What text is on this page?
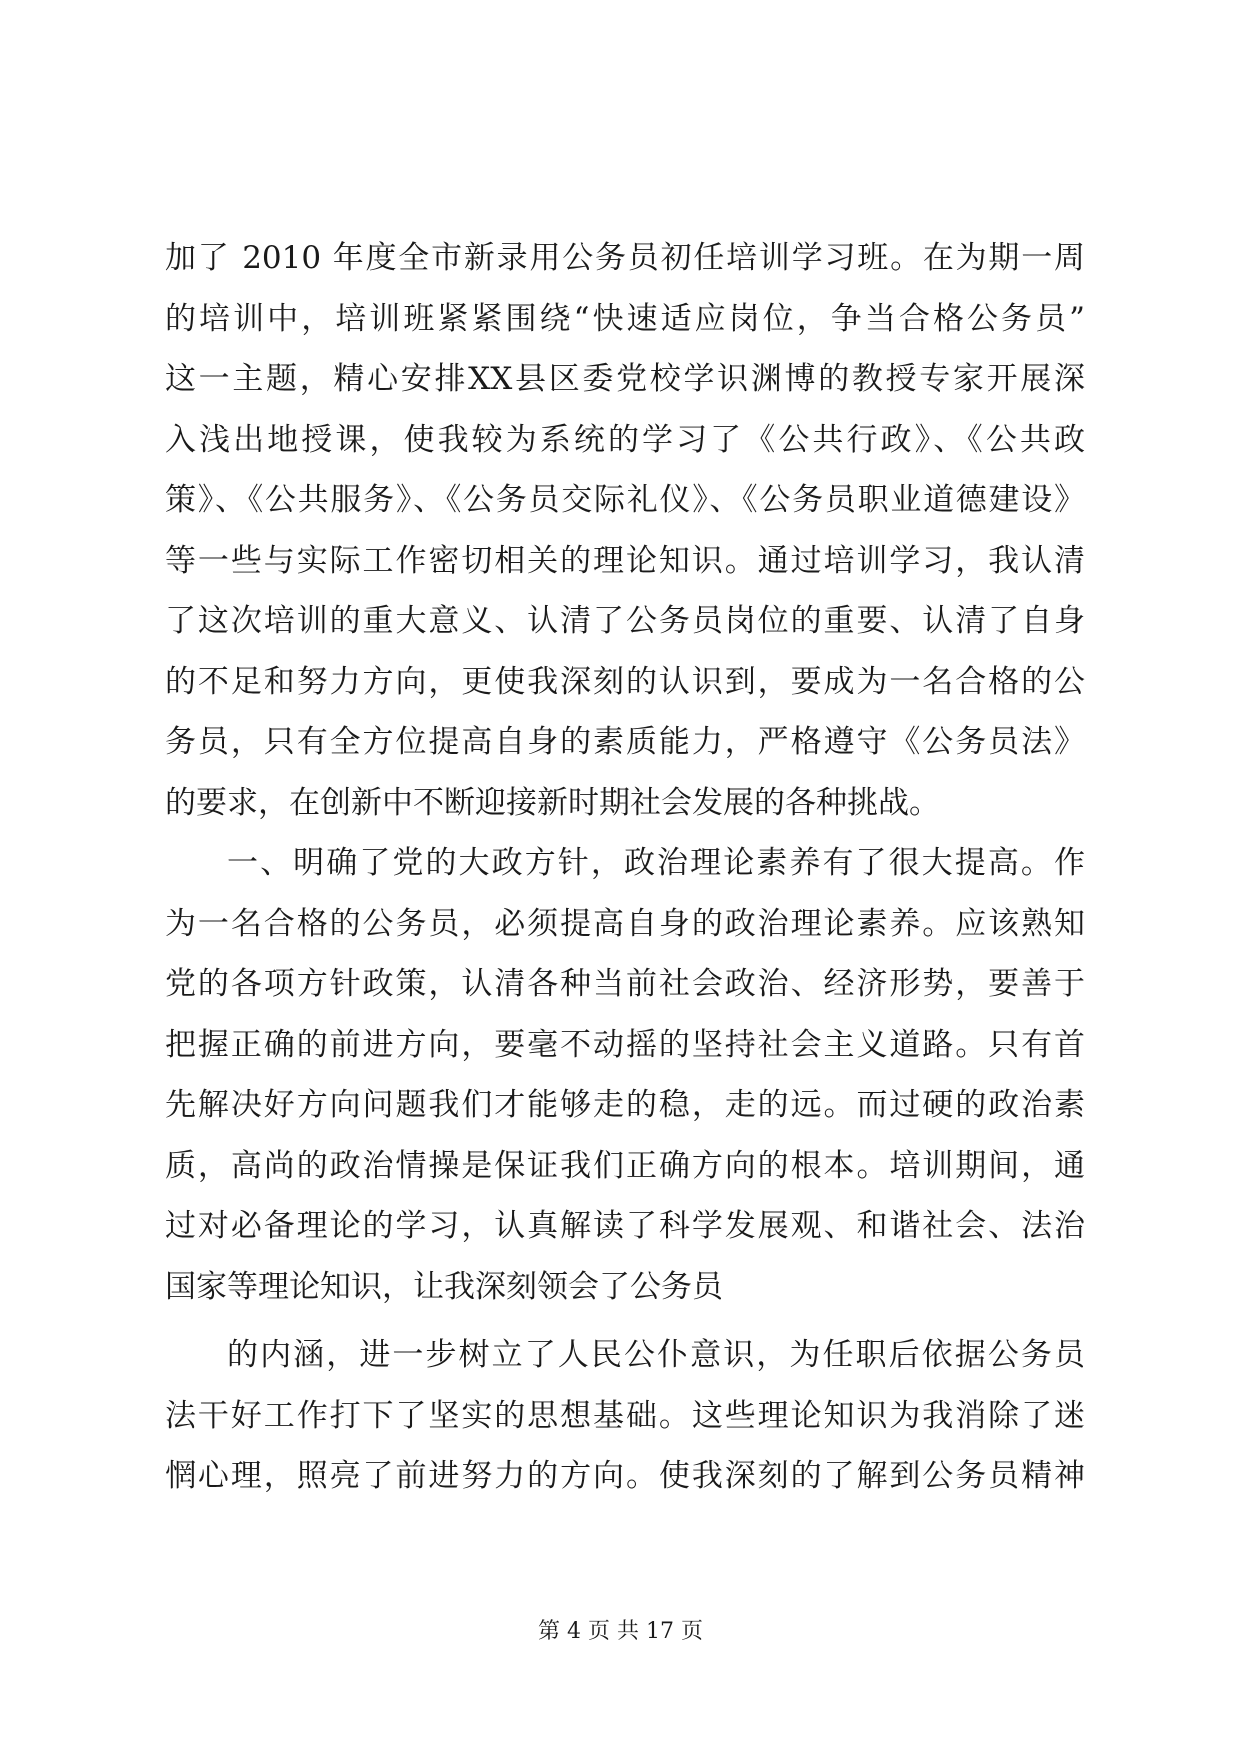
加了 2010 年度全市新录用公务员初任培训学习班。在为期一周
的培训中，培训班紧紧围绕“快速适应岗位，争当合格公务员”
这一主题，精心安排XX县区委党校学识渊博的教授专家开展深
入浅出地授课，使我较为系统的学习了《公共行政》、《公共政
策》、《公共服务》、《公务员交际礼仪》、《公务员职业道德建设》
等一些与实际工作密切相关的理论知识。通过培训学习，我认清
了这次培训的重大意义、认清了公务员岗位的重要、认清了自身
的不足和努力方向，更使我深刻的认识到，要成为一名合格的公
务员，只有全方位提高自身的素质能力，严格遵守《公务员法》
的要求，在创新中不断迎接新时期社会发展的各种挑战。
一、明确了党的大政方针，政治理论素养有了很大提高。作
为一名合格的公务员，必须提高自身的政治理论素养。应该熟知
党的各项方针政策，认清各种当前社会政治、经济形势，要善于
把握正确的前进方向，要毫不动摇的坚持社会主义道路。只有首
先解决好方向问题我们才能够走的稳，走的远。而过硬的政治素
质，高尚的政治情操是保证我们正确方向的根本。培训期间，通
过对必备理论的学习，认真解读了科学发展观、和谐社会、法治
国家等理论知识，让我深刻领会了公务员
的内涵，进一步树立了人民公仆意识，为任职后依据公务员
法干好工作打下了坚实的思想基础。这些理论知识为我消除了迷
惘心理，照亮了前进努力的方向。使我深刻的了解到公务员精神
第 4 页 共 17 页
